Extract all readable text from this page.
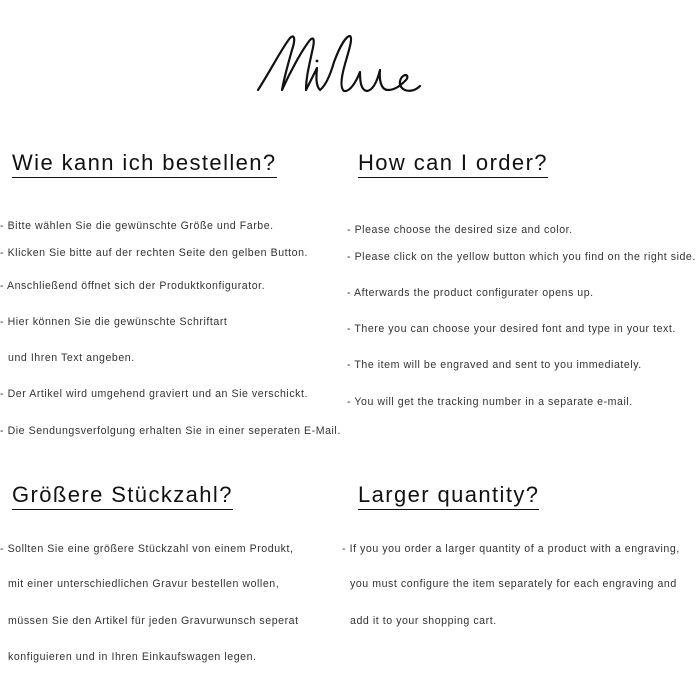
Wie kann ich bestellen?

- Bitte wählen Sie die gewünschte Größe und Farbe.

- Klicken Sie bitte auf der rechten Seite den gelben Button.

- Anschließend öffnet sich der Produktkonfigurator.

- Hier können Sie die gewünschte Schriftart

und Ihren Text angeben.

- Der Artikel wird umgehend graviert und an Sie verschickt.

- Die Sendungsverfolgung erhalten Sie in einer seperaten E-Mail.

How can I order?

- Please choose the desired size and color.

- Please click on the yellow button which you find on the right side.

- Afterwards the product configurater opens up.

- There you can choose your desired font and type in your text.

- The item will be engraved and sent to you immediately.

- You will get the tracking number in a separate e-mail.

Größere Stückzahl?

- Sollten Sie eine größere Stückzahl von einem Produkt,

mit einer unterschiedlichen Gravur bestellen wollen,

müssen Sie den Artikel für jeden Gravurwunsch seperat

konfiguieren und in Ihren Einkaufswagen legen.

Larger quantity?

- If you you order a larger quantity of a product with a engraving,

you must configure the item separately for each engraving and

add it to your shopping cart.
